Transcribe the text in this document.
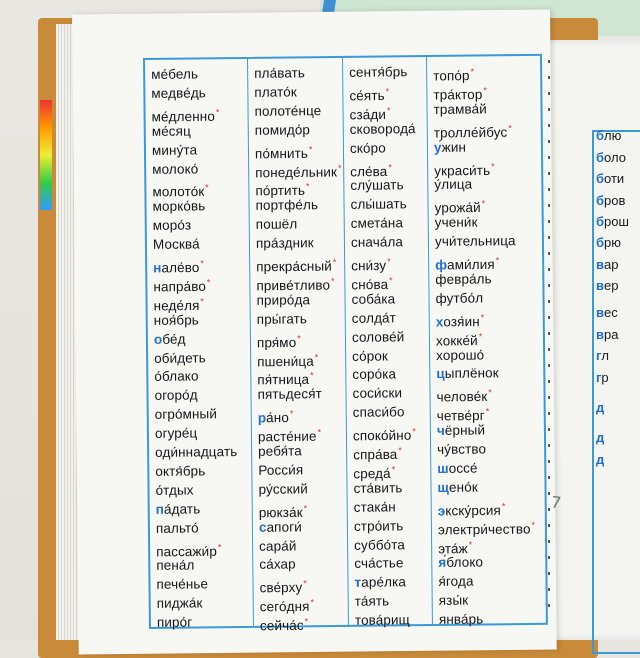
блю
боло
боти
бров
брош
брю
вар
вер
вес
вра
гл
гр
д
д
д
ме́бель
медве́дь
ме́дленно*
ме́сяц
мину́та
молоко́
молото́к*
морко́вь
моро́з
Москва́
нале́во*
напра́во*
неде́ля*
ноя́брь
обе́д
оби́деть
о́блако
огоро́д
огро́мный
огуре́ц
оди́ннадцать
октя́брь
о́тдых
па́дать
пальто́
пассажи́р*
пена́л
пече́нье
пиджа́к
пиро́г
пла́вать
плато́к
полоте́нце
помидо́р
по́мнить*
понеде́льник*
по́ртить*
портфе́ль
пошёл
пра́здник
прекра́сный*
приве́тливо*
приро́да
пры́гать
пря́мо*
пшени́ца*
пя́тница*
пятьдеся́т
ра́но*
расте́ние*
ребя́та
Росси́я
ру́сский
рюкза́к*
сапоги́
сара́й
са́хар
све́рху*
сего́дня*
сейча́с*
сентя́брь
се́ять*
сза́ди*
сковорода́
ско́ро
сле́ва*
слу́шать
слы́шать
смета́на
снача́ла
сни́зу*
сно́ва*
соба́ка
солда́т
солове́й
со́рок
соро́ка
соси́ски
спаси́бо
споко́йно*
спра́ва*
среда́*
ста́вить
стака́н
стро́ить
суббо́та
сча́стье
таре́лка
та́ять
това́рищ
топо́р*
тра́ктор*
трамва́й
тролле́йбус*
у́жин
украси́ть*
у́лица
урожа́й*
учени́к
учи́тельница
фами́лия*
февра́ль
футбо́л
хозя́ин*
хокке́й*
хорошо́
цыплёнок
челове́к*
четве́рг*
чёрный
чу́вство
шоссе́
щено́к
экску́рсия*
электри́чество*
эта́ж*
я́блоко
я́года
язы́к
янва́рь
7
